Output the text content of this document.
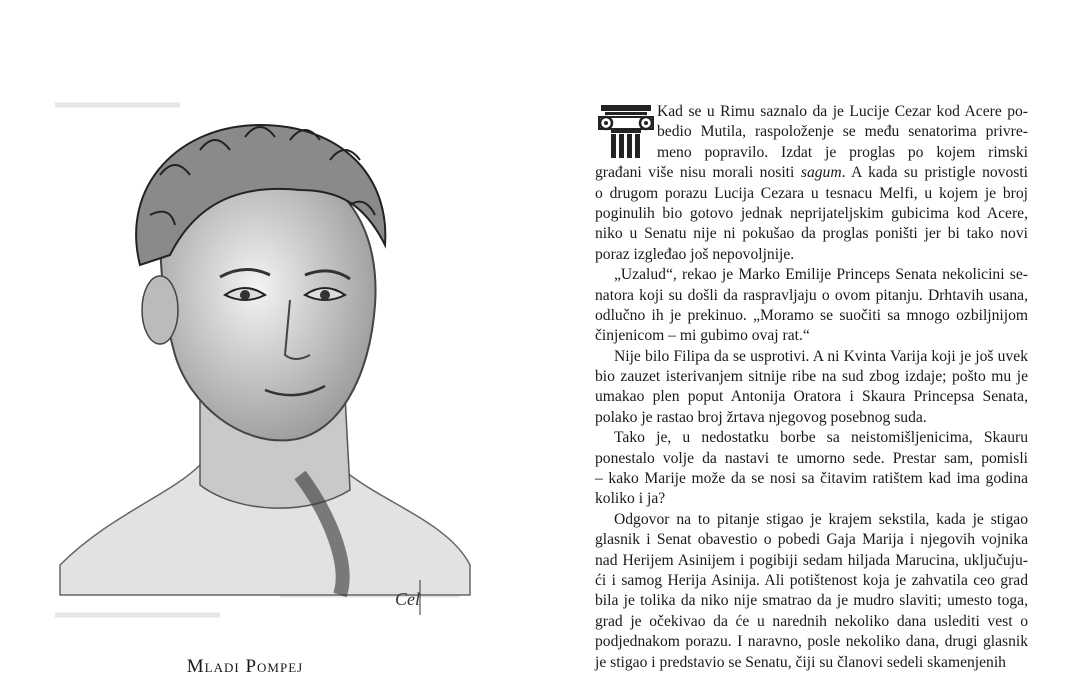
Cel
Mladi Pompej
Kad se u Rimu saznalo da je Lucije Cezar kod Acere po-
bedio Mutila, raspoloženje se među senatorima privre-
meno popravilo. Izdat je proglas po kojem rimski
građani više nisu morali nositi sagum. A kada su pristigle novosti
o drugom porazu Lucija Cezara u tesnacu Melfi, u kojem je broj
poginulih bio gotovo jednak neprijateljskim gubicima kod Acere,
niko u Senatu nije ni pokušao da proglas poništi jer bi tako novi
poraz izgleđao još nepovoljnije.
„Uzalud“, rekao je Marko Emilije Princeps Senata nekolicini se-
natora koji su došli da raspravljaju o ovom pitanju. Drhtavih usana,
odlučno ih je prekinuo. „Moramo se suočiti sa mnogo ozbiljnijom
činjenicom – mi gubimo ovaj rat.“
Nije bilo Filipa da se usprotivi. A ni Kvinta Varija koji je još uvek
bio zauzet isterivanjem sitnije ribe na sud zbog izdaje; pošto mu je
umakao plen poput Antonija Oratora i Skaura Princepsa Senata,
polako je rastao broj žrtava njegovog posebnog suda.
Tako je, u nedostatku borbe sa neistomišljenicima, Skauru
ponestalo volje da nastavi te umorno sede. Prestar sam, pomisli
– kako Marije može da se nosi sa čitavim ratištem kad ima godina
koliko i ja?
Odgovor na to pitanje stigao je krajem sekstila, kada je stigao
glasnik i Senat obavestio o pobedi Gaja Marija i njegovih vojnika
nad Herijem Asinijem i pogibiji sedam hiljada Marucina, uključuju-
ći i samog Herija Asinija. Ali potištenost koja je zahvatila ceo grad
bila je tolika da niko nije smatrao da je mudro slaviti; umesto toga,
grad je očekivao da će u narednih nekoliko dana uslediti vest o
podjednakom porazu. I naravno, posle nekoliko dana, drugi glasnik
je stigao i predstavio se Senatu, čiji su članovi sedeli skamenjenih
